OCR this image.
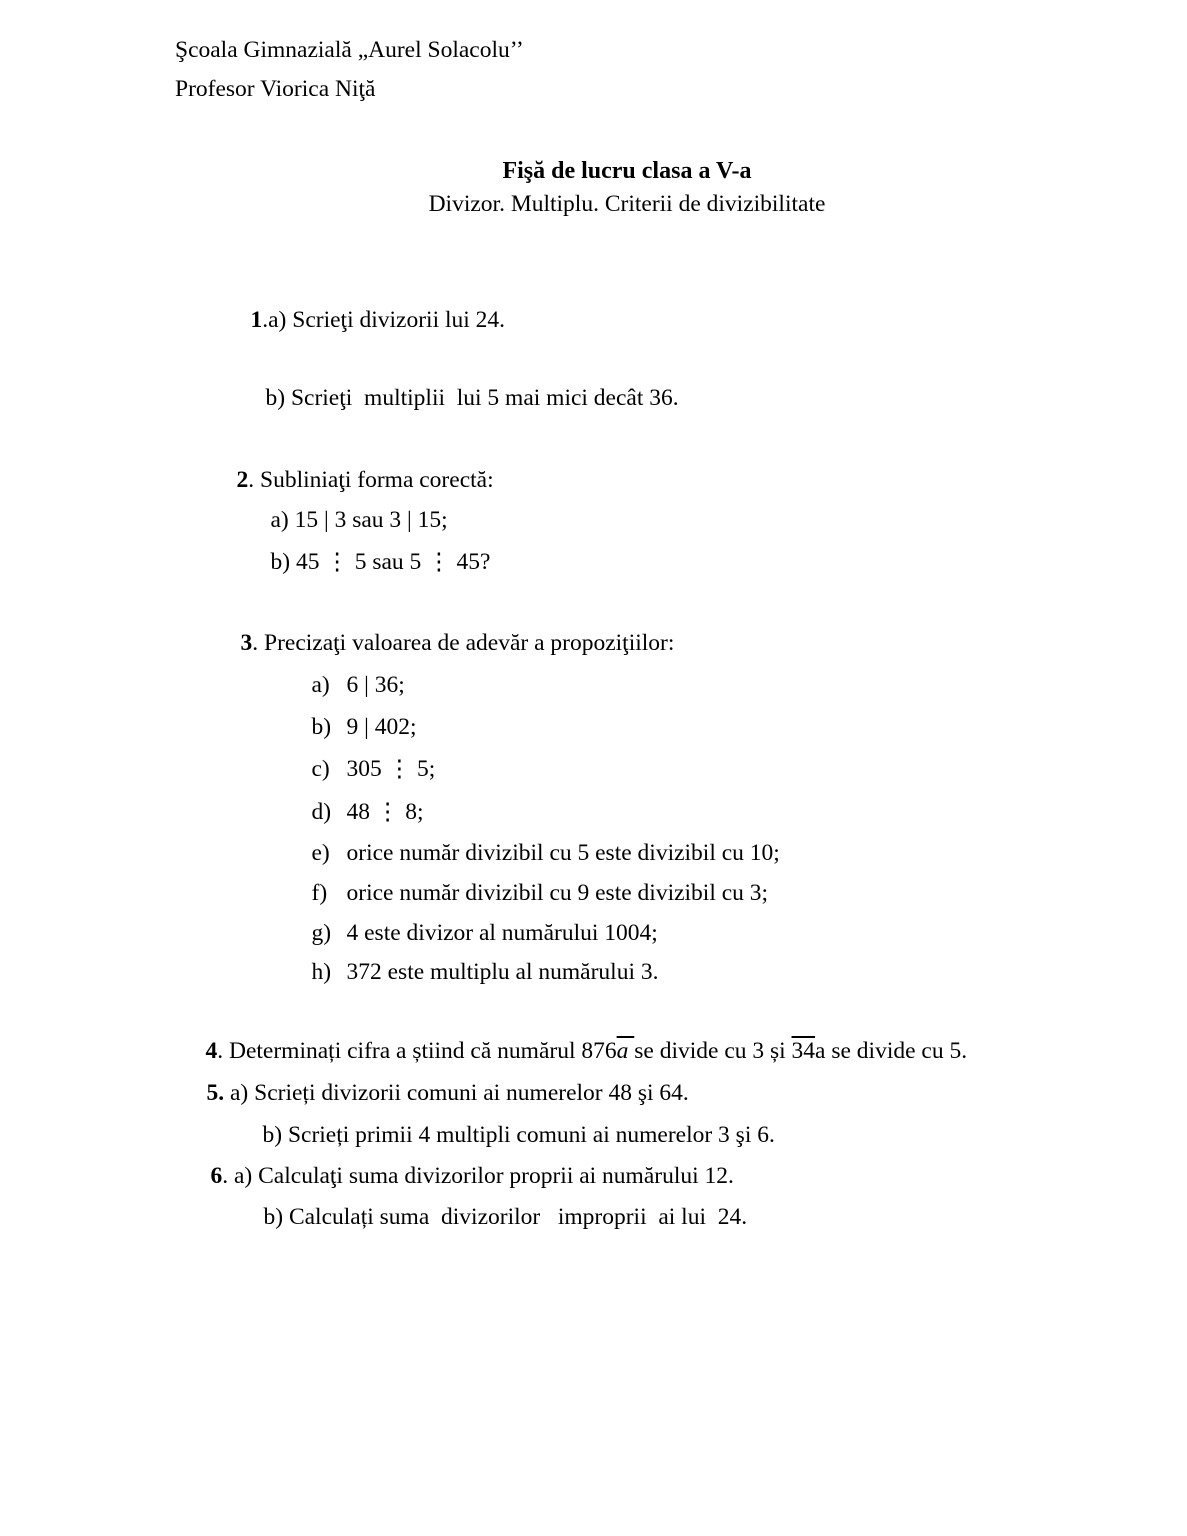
Şcoala Gimnazială „Aurel Solacolu’’
Profesor Viorica Niţă
Fişă de lucru clasa a V-a
Divizor. Multiplu. Criterii de divizibilitate

1.a) Scrieţi divizorii lui 24.

b) Scrieţi  multiplii  lui 5 mai mici decât 36.

2. Subliniaţi forma corectă:

a) 15 | 3 sau 3 | 15;

b) 45 ⋮ 5 sau 5 ⋮ 45?

3. Precizaţi valoarea de adevăr a propoziţiilor:

a) 6 | 36;

b) 9 | 402;

c) 305 ⋮ 5;

d) 48 ⋮ 8;

e) orice număr divizibil cu 5 este divizibil cu 10;

f) orice număr divizibil cu 9 este divizibil cu 3;

g) 4 este divizor al numărului 1004;

h) 372 este multiplu al numărului 3.

4. Determinați cifra a știind că numărul 876a se divide cu 3 și 34a se divide cu 5.

5. a) Scrieți divizorii comuni ai numerelor 48 şi 64.

b) Scrieți primii 4 multipli comuni ai numerelor 3 şi 6.

6. a) Calculaţi suma divizorilor proprii ai numărului 12.

b) Calculați suma  divizorilor   improprii  ai lui  24.
